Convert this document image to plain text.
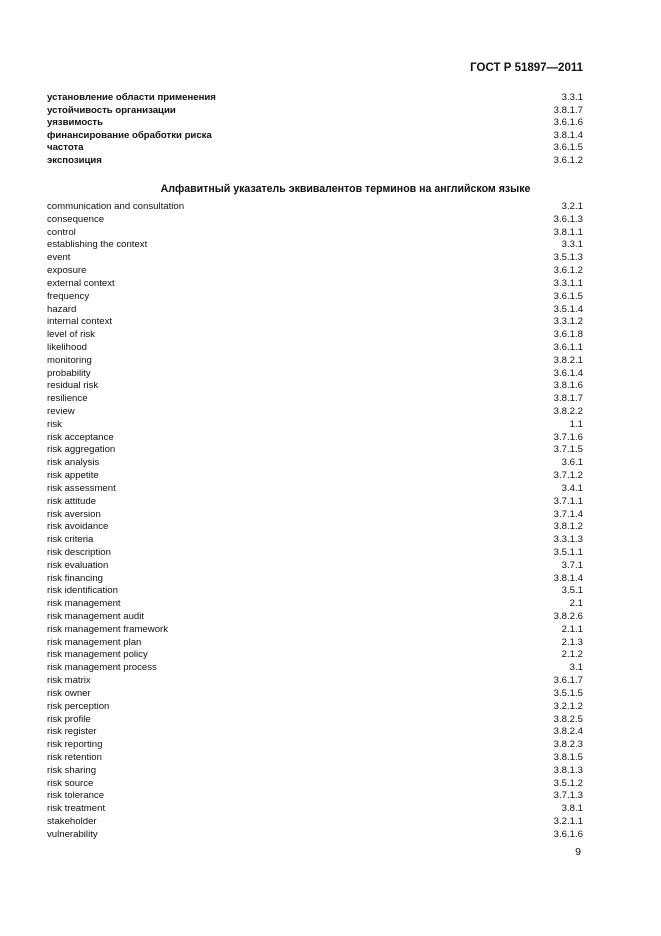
ГОСТ Р 51897—2011
установление области применения	3.3.1
устойчивость организации	3.8.1.7
уязвимость	3.6.1.6
финансирование обработки риска	3.8.1.4
частота	3.6.1.5
экспозиция	3.6.1.2
Алфавитный указатель эквивалентов терминов на английском языке
communication and consultation	3.2.1
consequence	3.6.1.3
control	3.8.1.1
establishing the context	3.3.1
event	3.5.1.3
exposure	3.6.1.2
external context	3.3.1.1
frequency	3.6.1.5
hazard	3.5.1.4
internal context	3.3.1.2
level of risk	3.6.1.8
likelihood	3.6.1.1
monitoring	3.8.2.1
probability	3.6.1.4
residual risk	3.8.1.6
resilience	3.8.1.7
review	3.8.2.2
risk	1.1
risk acceptance	3.7.1.6
risk aggregation	3.7.1.5
risk analysis	3.6.1
risk appetite	3.7.1.2
risk assessment	3.4.1
risk attitude	3.7.1.1
risk aversion	3.7.1.4
risk avoidance	3.8.1.2
risk criteria	3.3.1.3
risk description	3.5.1.1
risk evaluation	3.7.1
risk financing	3.8.1.4
risk identification	3.5.1
risk management	2.1
risk management audit	3.8.2.6
risk management framework	2.1.1
risk management plan	2.1.3
risk management policy	2.1.2
risk management process	3.1
risk matrix	3.6.1.7
risk owner	3.5.1.5
risk perception	3.2.1.2
risk profile	3.8.2.5
risk register	3.8.2.4
risk reporting	3.8.2.3
risk retention	3.8.1.5
risk sharing	3.8.1.3
risk source	3.5.1.2
risk tolerance	3.7.1.3
risk treatment	3.8.1
stakeholder	3.2.1.1
vulnerability	3.6.1.6
9
